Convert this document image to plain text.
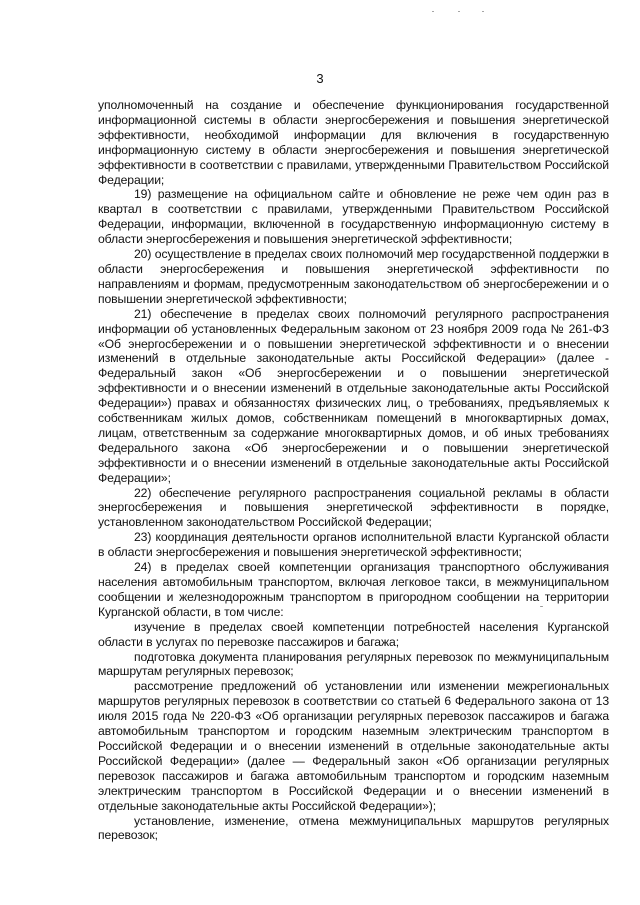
3

уполномоченный на создание и обеспечение функционирования государственной информационной системы в области энергосбережения и повышения энергетической эффективности, необходимой информации для включения в государственную информационную систему в области энергосбережения и повышения энергетической эффективности в соответствии с правилами, утвержденными Правительством Российской Федерации;

19) размещение на официальном сайте и обновление не реже чем один раз в квартал в соответствии с правилами, утвержденными Правительством Российской Федерации, информации, включенной в государственную информационную систему в области энергосбережения и повышения энергетической эффективности;

20) осуществление в пределах своих полномочий мер государственной поддержки в области энергосбережения и повышения энергетической эффективности по направлениям и формам, предусмотренным законодательством об энергосбережении и о повышении энергетической эффективности;

21) обеспечение в пределах своих полномочий регулярного распространения информации об установленных Федеральным законом от 23 ноября 2009 года № 261-ФЗ «Об энергосбережении и о повышении энергетической эффективности и о внесении изменений в отдельные законодательные акты Российской Федерации» (далее - Федеральный закон «Об энергосбережении и о повышении энергетической эффективности и о внесении изменений в отдельные законодательные акты Российской Федерации») правах и обязанностях физических лиц, о требованиях, предъявляемых к собственникам жилых домов, собственникам помещений в многоквартирных домах, лицам, ответственным за содержание многоквартирных домов, и об иных требованиях Федерального закона «Об энергосбережении и о повышении энергетической эффективности и о внесении изменений в отдельные законодательные акты Российской Федерации»;

22) обеспечение регулярного распространения социальной рекламы в области энергосбережения и повышения энергетической эффективности в порядке, установленном законодательством Российской Федерации;

23) координация деятельности органов исполнительной власти Курганской области в области энергосбережения и повышения энергетической эффективности;

24) в пределах своей компетенции организация транспортного обслуживания населения автомобильным транспортом, включая легковое такси, в межмуниципальном сообщении и железнодорожным транспортом в пригородном сообщении на территории Курганской области, в том числе:

изучение в пределах своей компетенции потребностей населения Курганской области в услугах по перевозке пассажиров и багажа;

подготовка документа планирования регулярных перевозок по межмуниципальным маршрутам регулярных перевозок;

рассмотрение предложений об установлении или изменении межрегиональных маршрутов регулярных перевозок в соответствии со статьей 6 Федерального закона от 13 июля 2015 года № 220-ФЗ «Об организации регулярных перевозок пассажиров и багажа автомобильным транспортом и городским наземным электрическим транспортом в Российской Федерации и о внесении изменений в отдельные законодательные акты Российской Федерации» (далее — Федеральный закон «Об организации регулярных перевозок пассажиров и багажа автомобильным транспортом и городским наземным электрическим транспортом в Российской Федерации и о внесении изменений в отдельные законодательные акты Российской Федерации»);

установление, изменение, отмена межмуниципальных маршрутов регулярных перевозок;
